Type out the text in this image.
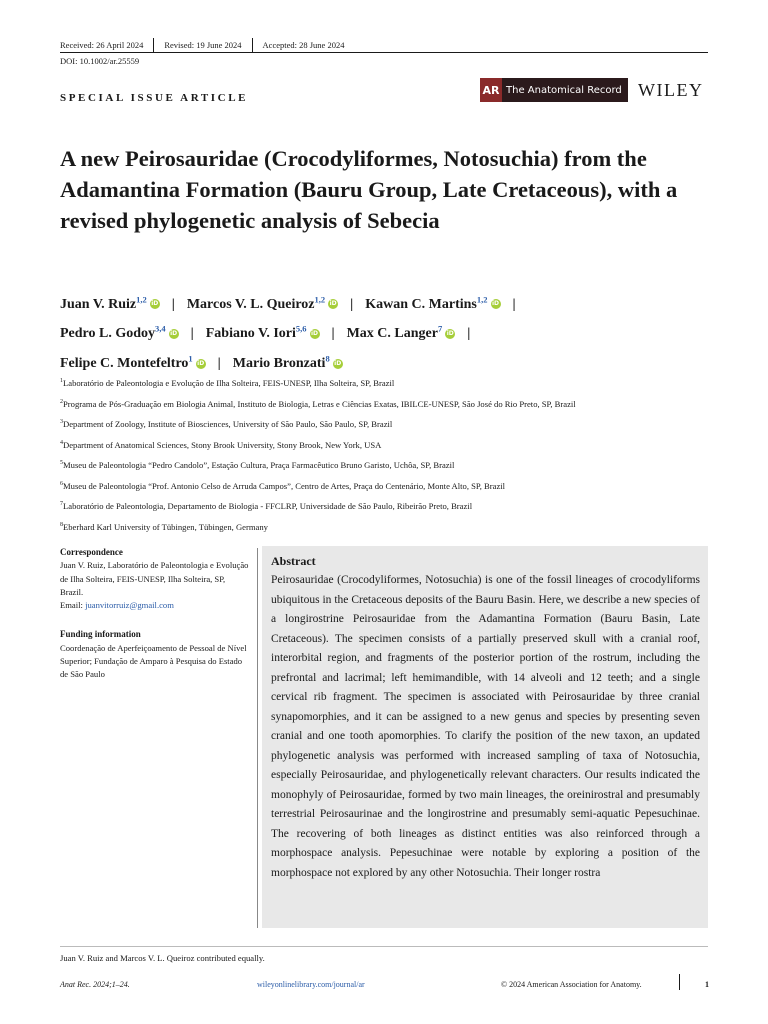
Received: 26 April 2024 Revised: 19 June 2024 Accepted: 28 June 2024
DOI: 10.1002/ar.25559
SPECIAL ISSUE ARTICLE
AR The Anatomical Record WILEY
A new Peirosauridae (Crocodyliformes, Notosuchia) from the Adamantina Formation (Bauru Group, Late Cretaceous), with a revised phylogenetic analysis of Sebecia
Juan V. Ruiz$^{1,2}$ iD | Marcos V. L. Queiroz$^{1,2}$ iD | Kawan C. Martins$^{1,2}$ iD |
Pedro L. Godoy$^{3,4}$ iD | Fabiano V. Iori$^{5,6}$ iD | Max C. Langer$^7$ iD |
Felipe C. Montefeltro$^1$ iD | Mario Bronzati$^8$ iD
$^1$Laboratório de Paleontologia e Evolução de Ilha Solteira, FEIS-UNESP, Ilha Solteira, SP, Brazil
$^2$Programa de Pós-Graduação em Biologia Animal, Instituto de Biologia, Letras e Ciências Exatas, IBILCE-UNESP, São José do Rio Preto, SP, Brazil
$^3$Department of Zoology, Institute of Biosciences, University of São Paulo, São Paulo, SP, Brazil
$^4$Department of Anatomical Sciences, Stony Brook University, Stony Brook, New York, USA
$^5$Museu de Paleontologia “Pedro Candolo”, Estação Cultura, Praça Farmacêutico Bruno Garisto, Uchôa, SP, Brazil
$^6$Museu de Paleontologia “Prof. Antonio Celso de Arruda Campos”, Centro de Artes, Praça do Centenário, Monte Alto, SP, Brazil
$^7$Laboratório de Paleontologia, Departamento de Biologia - FFCLRP, Universidade de São Paulo, Ribeirão Preto, Brazil
$^8$Eberhard Karl University of Tübingen, Tübingen, Germany
Correspondence
Juan V. Ruiz, Laboratório de Paleontologia e Evolução de Ilha Solteira, FEIS-UNESP, Ilha Solteira, SP, Brazil.
Email: juanvitorruiz@gmail.com
Funding information
Coordenação de Aperfeiçoamento de Pessoal de Nível Superior; Fundação de Amparo à Pesquisa do Estado de São Paulo
Abstract
Peirosauridae (Crocodyliformes, Notosuchia) is one of the fossil lineages of crocodyliforms ubiquitous in the Cretaceous deposits of the Bauru Basin. Here, we describe a new species of a longirostrine Peirosauridae from the Adamantina Formation (Bauru Basin, Late Cretaceous). The specimen consists of a partially preserved skull with a cranial roof, interorbital region, and fragments of the posterior portion of the rostrum, including the prefrontal and lacrimal; left hemimandible, with 14 alveoli and 12 teeth; and a single cervical rib fragment. The specimen is associated with Peirosauridae by three cranial synapomorphies, and it can be assigned to a new genus and species by presenting seven cranial and one tooth apomorphies. To clarify the position of the new taxon, an updated phylogenetic analysis was performed with increased sampling of taxa of Notosuchia, especially Peirosauridae, and phylogenetically relevant characters. Our results indicated the monophyly of Peirosauridae, formed by two main lineages, the oreinirostral and presumably terrestrial Peirosaurinae and the longirostrine and presumably semi-aquatic Pepesuchinae. The recovering of both lineages as distinct entities was also reinforced through a morphospace analysis. Pepesuchinae were notable by exploring a position of the morphospace not explored by any other Notosuchia. Their longer rostra
Juan V. Ruiz and Marcos V. L. Queiroz contributed equally.
Anat Rec. 2024;1–24.	wileyonlinelibrary.com/journal/ar	© 2024 American Association for Anatomy.	1
